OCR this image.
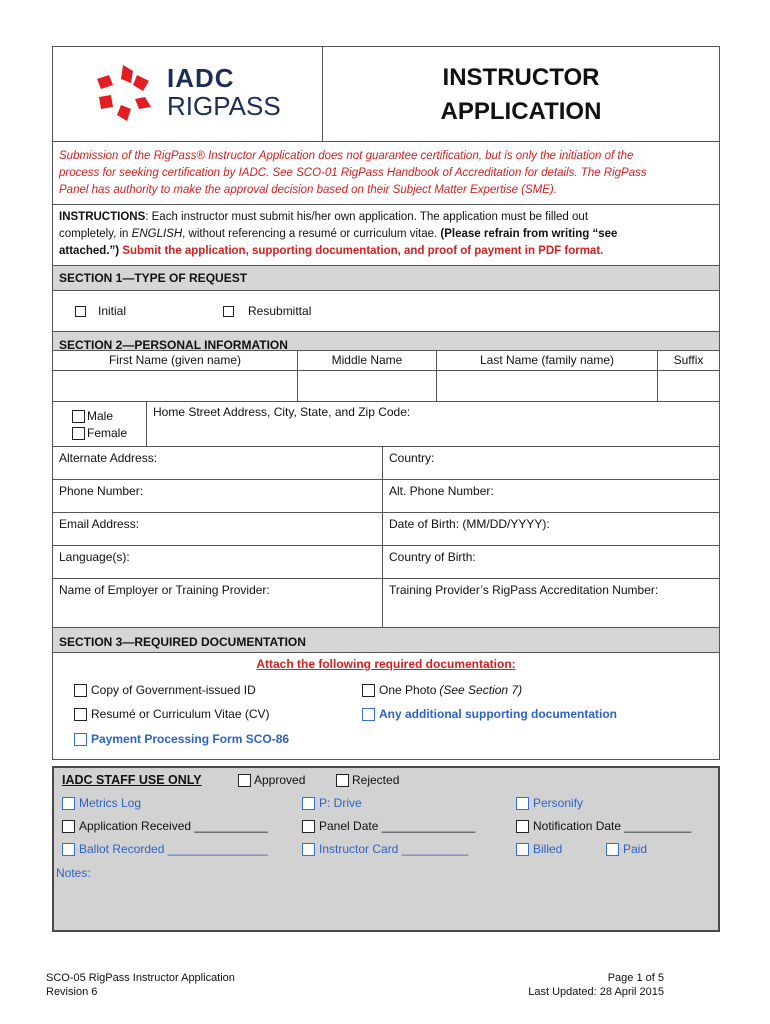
IADC
RIGPASS
INSTRUCTOR
APPLICATION
Submission of the RigPass® Instructor Application does not guarantee certification, but is only the initiation of the
process for seeking certification by IADC. See SCO-01 RigPass Handbook of Accreditation for details. The RigPass
Panel has authority to make the approval decision based on their Subject Matter Expertise (SME).
INSTRUCTIONS: Each instructor must submit his/her own application. The application must be filled out
completely, in ENGLISH, without referencing a resumé or curriculum vitae. (Please refrain from writing “see
attached.”) Submit the application, supporting documentation, and proof of payment in PDF format.
SECTION 1—TYPE OF REQUEST
Initial	Resubmittal
SECTION 2—PERSONAL INFORMATION
First Name (given name)	Middle Name	Last Name (family name)	Suffix
Male
Female
Home Street Address, City, State, and Zip Code:
Alternate Address:	Country:
Phone Number:	Alt. Phone Number:
Email Address:	Date of Birth: (MM/DD/YYYY):
Language(s):	Country of Birth:
Name of Employer or Training Provider:	Training Provider’s RigPass Accreditation Number:
SECTION 3—REQUIRED DOCUMENTATION
Attach the following required documentation:
Copy of Government-issued ID	One Photo (See Section 7)
Resumé or Curriculum Vitae (CV)	Any additional supporting documentation
Payment Processing Form SCO-86
IADC STAFF USE ONLY	Approved	Rejected
Metrics Log	P: Drive	Personify
Application Received ___________	Panel Date ______________	Notification Date __________
Ballot Recorded _______________	Instructor Card __________	Billed	Paid
Notes:
SCO-05 RigPass Instructor Application
Revision 6
Page 1 of 5
Last Updated: 28 April 2015
